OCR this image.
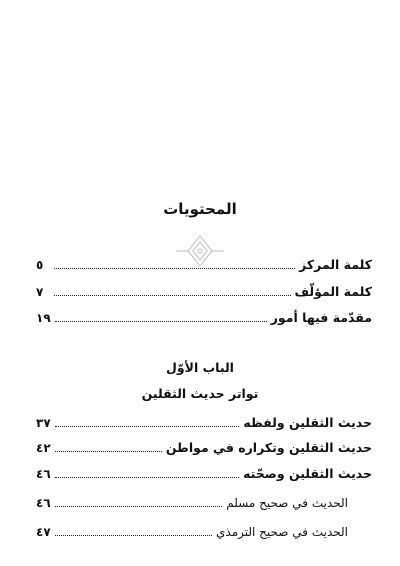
المحتويات
كلمة المركز
٥
كلمة المؤلّف
٧
مقدّمة فيها أمور
١٩
الباب الأوّل
تواتر حديث الثقلين
حديث الثقلين ولفظه
٣٧
حديث الثقلين وتكراره في مواطن
٤٢
حديث الثقلين وصحّته
٤٦
الحديث في صحيح مسلم
٤٦
الحديث في صحيح الترمذي
٤٧
